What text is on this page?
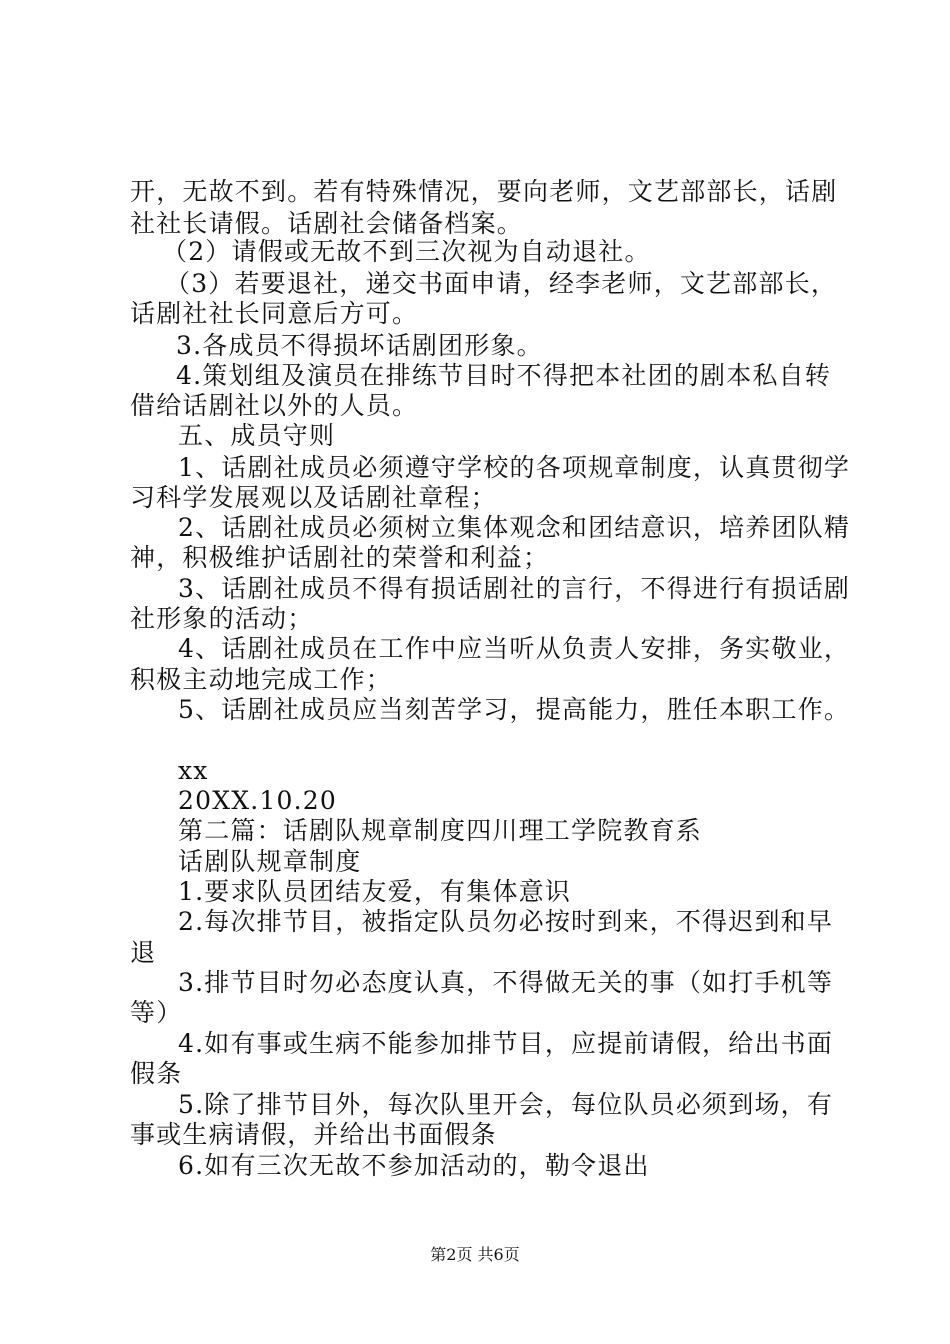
开，无故不到。若有特殊情况，要向老师，文艺部部长，话剧
社社长请假。话剧社会储备档案。
（2）请假或无故不到三次视为自动退社。
（3）若要退社，递交书面申请，经李老师，文艺部部长，
话剧社社长同意后方可。
3.各成员不得损坏话剧团形象。
4.策划组及演员在排练节目时不得把本社团的剧本私自转
借给话剧社以外的人员。
五、成员守则
1、话剧社成员必须遵守学校的各项规章制度，认真贯彻学
习科学发展观以及话剧社章程；
2、话剧社成员必须树立集体观念和团结意识，培养团队精
神，积极维护话剧社的荣誉和利益；
3、话剧社成员不得有损话剧社的言行，不得进行有损话剧
社形象的活动；
4、话剧社成员在工作中应当听从负责人安排，务实敬业，
积极主动地完成工作；
5、话剧社成员应当刻苦学习，提高能力，胜任本职工作。
xx
20XX.10.20
第二篇：话剧队规章制度四川理工学院教育系
话剧队规章制度
1.要求队员团结友爱，有集体意识
2.每次排节目，被指定队员勿必按时到来，不得迟到和早
退
3.排节目时勿必态度认真，不得做无关的事（如打手机等
等）
4.如有事或生病不能参加排节目，应提前请假，给出书面
假条
5.除了排节目外，每次队里开会，每位队员必须到场，有
事或生病请假，并给出书面假条
6.如有三次无故不参加活动的，勒令退出
第2页 共6页
